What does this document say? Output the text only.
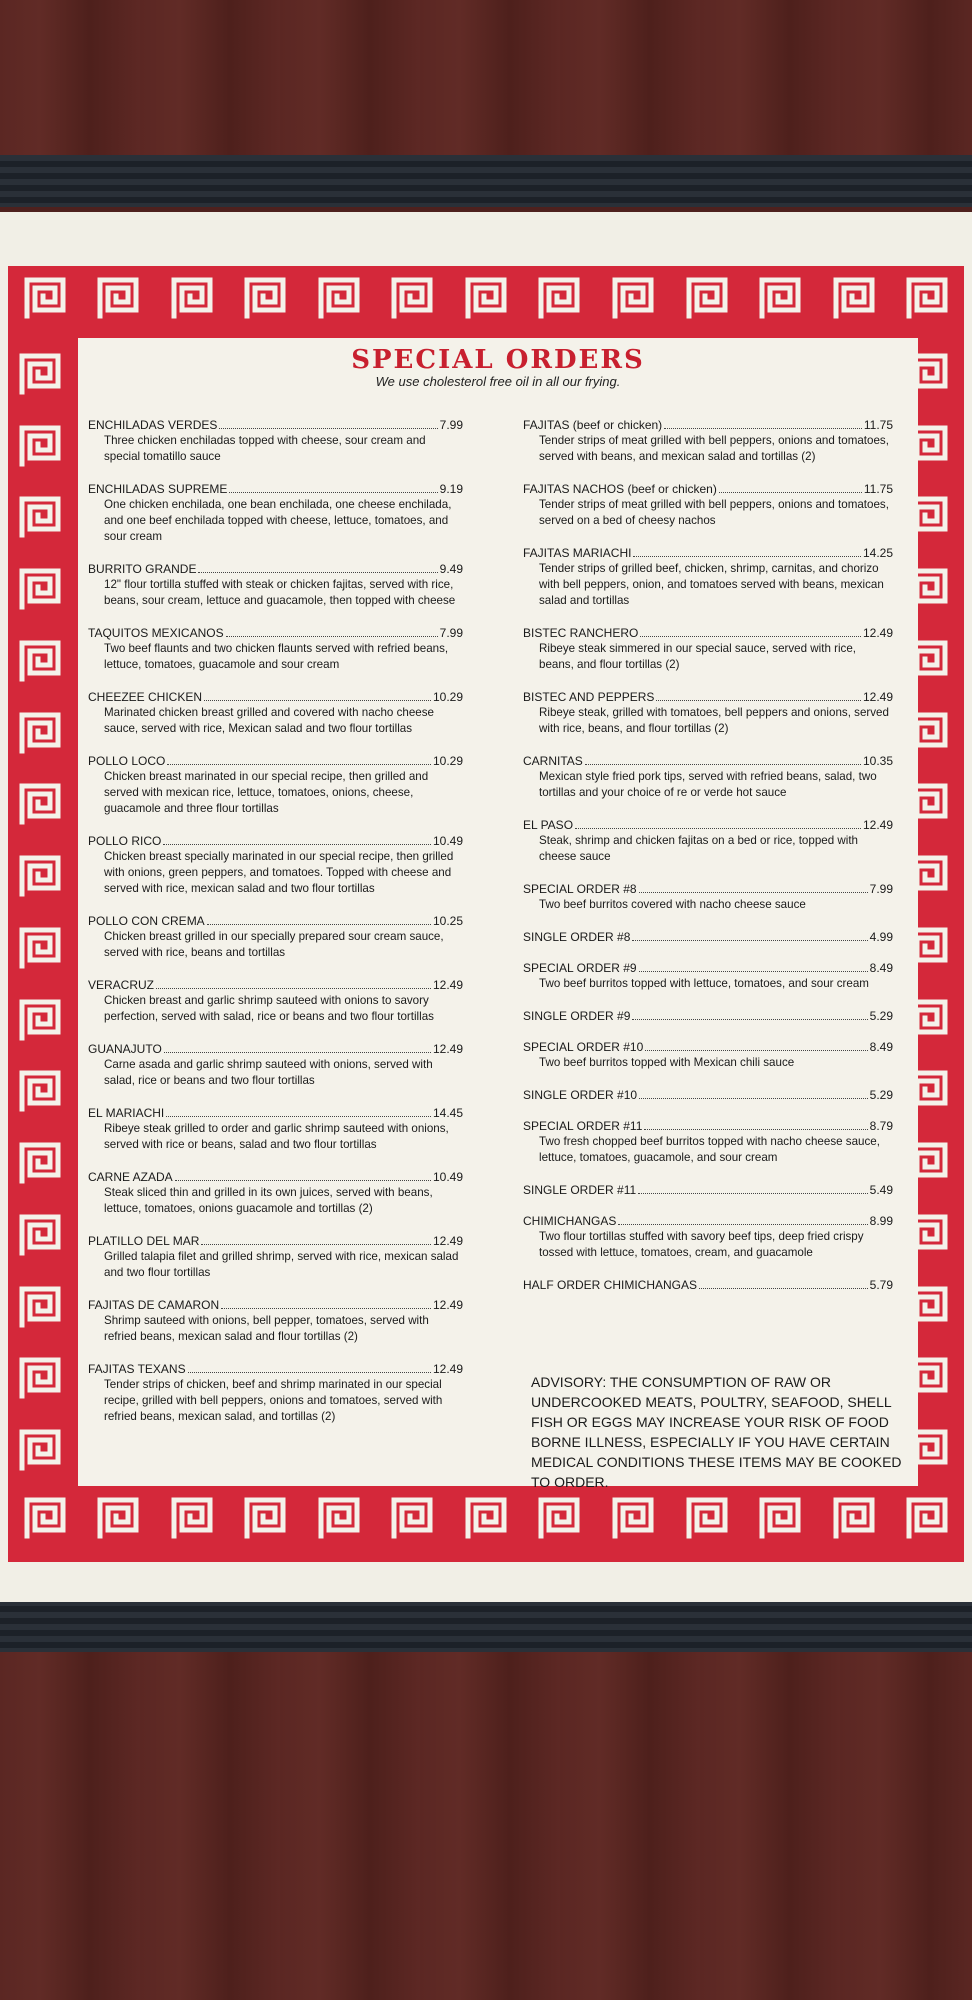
SPECIAL ORDERS
We use cholesterol free oil in all our frying.
ENCHILADAS VERDES	7.99
Three chicken enchiladas topped with cheese, sour cream and special tomatillo sauce
ENCHILADAS SUPREME	9.19
One chicken enchilada, one bean enchilada, one cheese enchilada, and one beef enchilada topped with cheese, lettuce, tomatoes, and sour cream
BURRITO GRANDE	9.49
12" flour tortilla stuffed with steak or chicken fajitas, served with rice, beans, sour cream, lettuce and guacamole, then topped with cheese
TAQUITOS MEXICANOS	7.99
Two beef flaunts and two chicken flaunts served with refried beans, lettuce, tomatoes, guacamole and sour cream
CHEEZEE CHICKEN	10.29
Marinated chicken breast grilled and covered with nacho cheese sauce, served with rice, Mexican salad and two flour tortillas
POLLO LOCO	10.29
Chicken breast marinated in our special recipe, then grilled and served with mexican rice, lettuce, tomatoes, onions, cheese, guacamole and three flour tortillas
POLLO RICO	10.49
Chicken breast specially marinated in our special recipe, then grilled with onions, green peppers, and tomatoes. Topped with cheese and served with rice, mexican salad and two flour tortillas
POLLO CON CREMA	10.25
Chicken breast grilled in our specially prepared sour cream sauce, served with rice, beans and tortillas
VERACRUZ	12.49
Chicken breast and garlic shrimp sauteed with onions to savory perfection, served with salad, rice or beans and two flour tortillas
GUANAJUTO	12.49
Carne asada and garlic shrimp sauteed with onions, served with salad, rice or beans and two flour tortillas
EL MARIACHI	14.45
Ribeye steak grilled to order and garlic shrimp sauteed with onions, served with rice or beans, salad and two flour tortillas
CARNE AZADA	10.49
Steak sliced thin and grilled in its own juices, served with beans, lettuce, tomatoes, onions guacamole and tortillas (2)
PLATILLO DEL MAR	12.49
Grilled talapia filet and grilled shrimp, served with rice, mexican salad and two flour tortillas
FAJITAS DE CAMARON	12.49
Shrimp sauteed with onions, bell pepper, tomatoes, served with refried beans, mexican salad and flour tortillas (2)
FAJITAS TEXANS	12.49
Tender strips of chicken, beef and shrimp marinated in our special recipe, grilled with bell peppers, onions and tomatoes, served with refried beans, mexican salad, and tortillas (2)
FAJITAS (beef or chicken)	11.75
Tender strips of meat grilled with bell peppers, onions and tomatoes, served with beans, and mexican salad and tortillas (2)
FAJITAS NACHOS (beef or chicken)	11.75
Tender strips of meat grilled with bell peppers, onions and tomatoes, served on a bed of cheesy nachos
FAJITAS MARIACHI	14.25
Tender strips of grilled beef, chicken, shrimp, carnitas, and chorizo with bell peppers, onion, and tomatoes served with beans, mexican salad and tortillas
BISTEC RANCHERO	12.49
Ribeye steak simmered in our special sauce, served with rice, beans, and flour tortillas (2)
BISTEC AND PEPPERS	12.49
Ribeye steak, grilled with tomatoes, bell peppers and onions, served with rice, beans, and flour tortillas (2)
CARNITAS	10.35
Mexican style fried pork tips, served with refried beans, salad, two tortillas and your choice of re or verde hot sauce
EL PASO	12.49
Steak, shrimp and chicken fajitas on a bed or rice, topped with cheese sauce
SPECIAL ORDER #8	7.99
Two beef burritos covered with nacho cheese sauce
SINGLE ORDER #8	4.99
SPECIAL ORDER #9	8.49
Two beef burritos topped with lettuce, tomatoes, and sour cream
SINGLE ORDER #9	5.29
SPECIAL ORDER #10	8.49
Two beef burritos topped with Mexican chili sauce
SINGLE ORDER #10	5.29
SPECIAL ORDER #11	8.79
Two fresh chopped beef burritos topped with nacho cheese sauce, lettuce, tomatoes, guacamole, and sour cream
SINGLE ORDER #11	5.49
CHIMICHANGAS	8.99
Two flour tortillas stuffed with savory beef tips, deep fried crispy tossed with lettuce, tomatoes, cream, and guacamole
HALF ORDER CHIMICHANGAS	5.79
ADVISORY: THE CONSUMPTION OF RAW OR UNDERCOOKED MEATS, POULTRY, SEAFOOD, SHELL FISH OR EGGS MAY INCREASE YOUR RISK OF FOOD BORNE ILLNESS, ESPECIALLY IF YOU HAVE CERTAIN MEDICAL CONDITIONS THESE ITEMS MAY BE COOKED TO ORDER.
